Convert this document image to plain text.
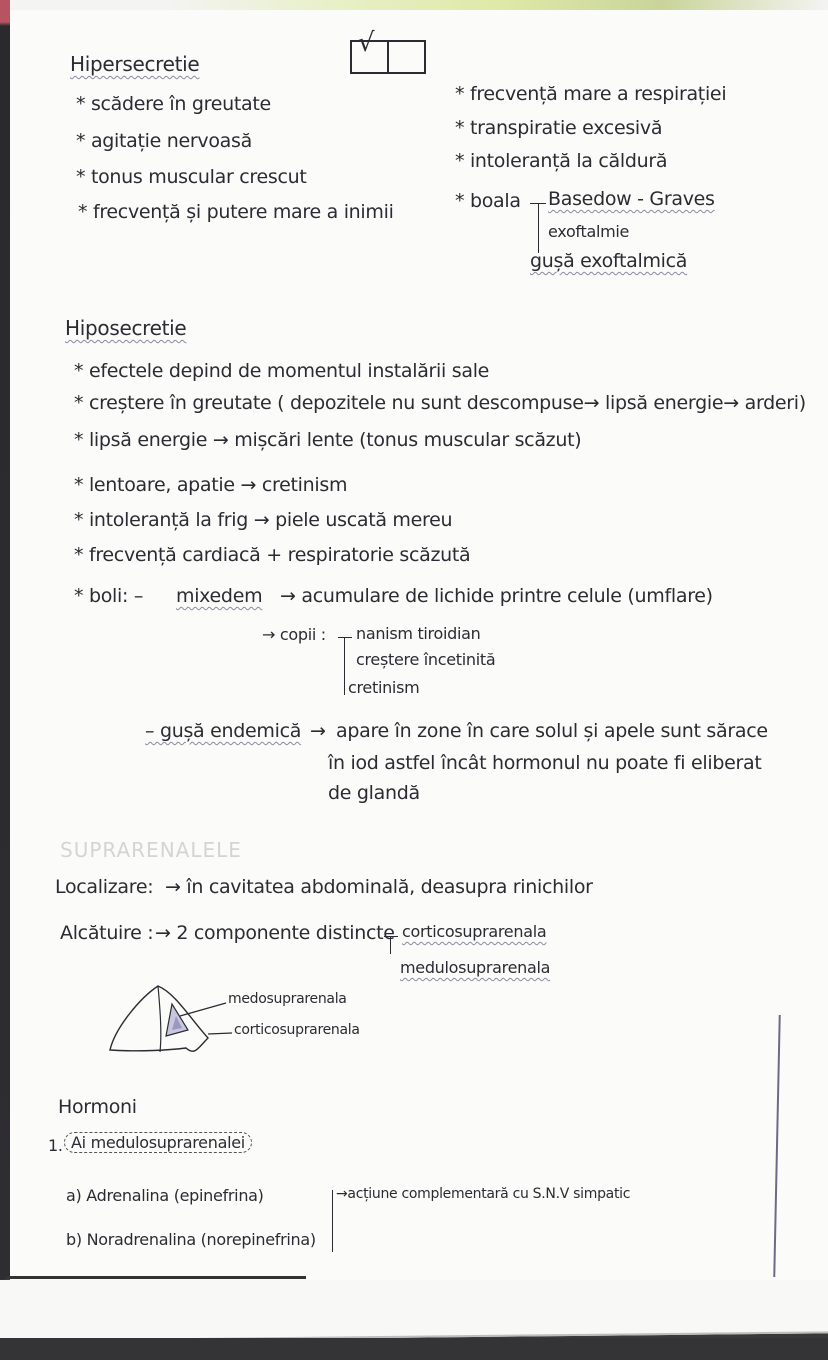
√
Hipersecretie
* scădere în greutate
* agitație nervoasă
* tonus muscular crescut
* frecvență și putere mare a inimii
* frecvență mare a respirației
* transpiratie excesivă
* intoleranță la căldură
* boala Basedow - Graves
exoftalmie
gușă exoftalmică
Hiposecretie
* efectele depind de momentul instalării sale
* creștere în greutate ( depozitele nu sunt descompuse→ lipsă energie→ arderi)
* lipsă energie → mișcări lente (tonus muscular scăzut)
* lentoare, apatie → cretinism
* intoleranță la frig → piele uscată mereu
* frecvență cardiacă + respiratorie scăzută
* boli: – mixedem → acumulare de lichide printre celule (umflare)
→ copii : nanism tiroidian
creștere încetinită
cretinism
– gușă endemică → apare în zone în care solul și apele sunt sărace
în iod astfel încât hormonul nu poate fi eliberat
de glandă
SUPRARENALELE
Localizare: → în cavitatea abdominală, deasupra rinichilor
Alcătuire : → 2 componente distincte corticosuprarenala
medulosuprarenala
medosuprarenala
corticosuprarenala
Hormoni
1. Ai medulosuprarenalei
a) Adrenalina (epinefrina)
b) Noradrenalina (norepinefrina)
→acțiune complementară cu S.N.V simpatic
